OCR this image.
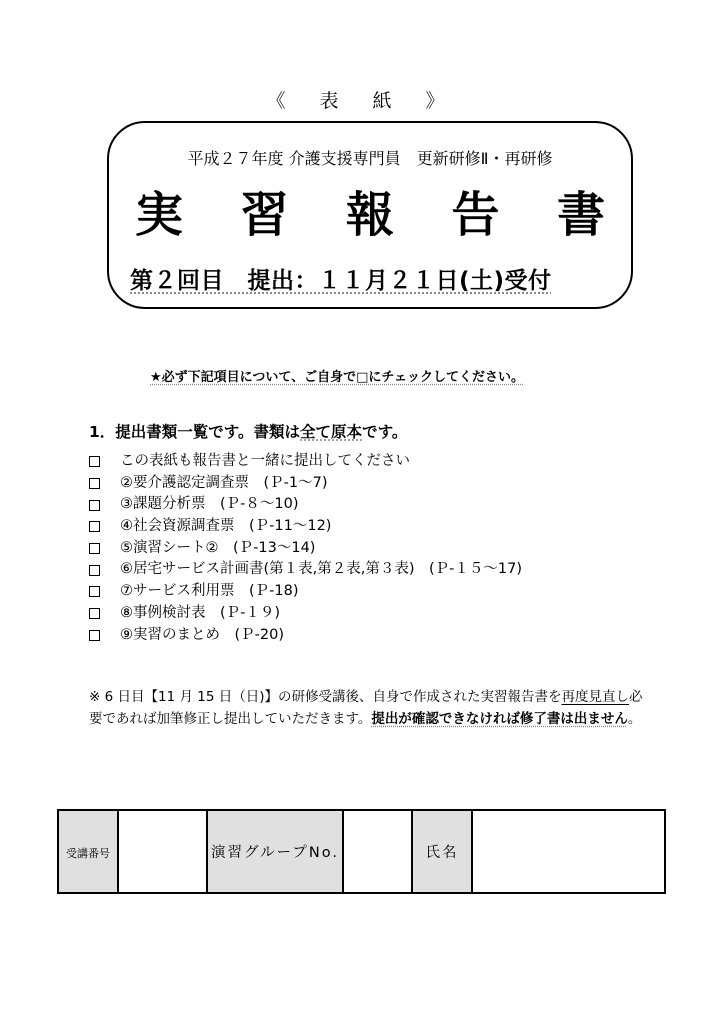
《 表 紙 》
平成２７年度 介護支援専門員　更新研修Ⅱ・再研修
実 習 報 告 書
第２回目　提出：１１月２１日(土)受付
★必ず下記項目について、ご自身で□にチェックしてください。
1．提出書類一覧です。書類は全て原本です。
この表紙も報告書と一緒に提出してください
②要介護認定調査票　(Ｐ-1～7)
③課題分析票　(Ｐ-８～10)
④社会資源調査票　(Ｐ-11～12)
⑤演習シート②　(Ｐ-13～14)
⑥居宅サービス計画書(第１表,第２表,第３表)　(Ｐ-１５～17)
⑦サービス利用票　(Ｐ-18)
⑧事例検討表　(Ｐ-１９)
⑨実習のまとめ　(Ｐ-20)
※ 6 日目【11 月 15 日（日)】の研修受講後、自身で作成された実習報告書を再度見直し必要であれば加筆修正し提出していただきます。提出が確認できなければ修了書は出ません。
受講番号		演習グループNo.		氏名	
